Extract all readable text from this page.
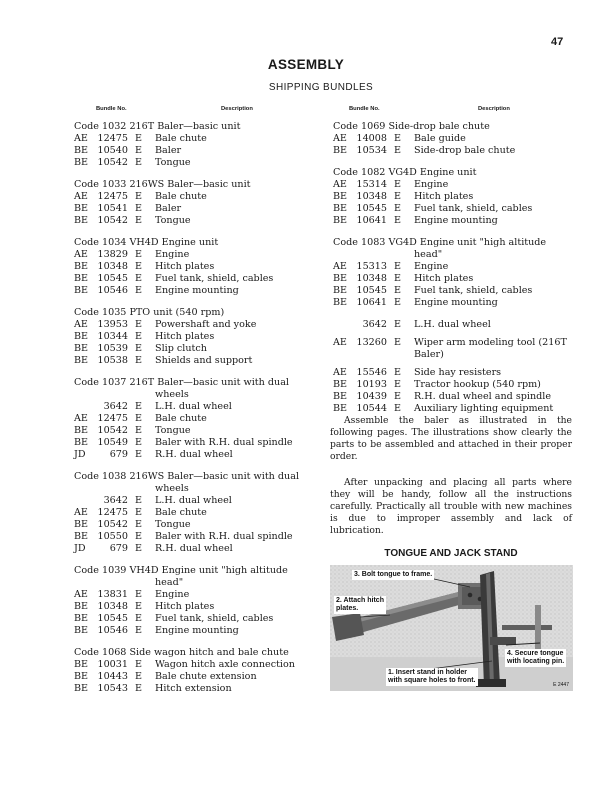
47
ASSEMBLY
SHIPPING BUNDLES
Bundle No.	Description	Bundle No.	Description
Code 1032 216T Baler—basic unit
AE 12475 E	Bale chute
BE 10540 E	Baler
BE 10542 E	Tongue
Code 1033 216WS Baler—basic unit
AE 12475 E	Bale chute
BE 10541 E	Baler
BE 10542 E	Tongue
Code 1034 VH4D Engine unit
AE 13829 E	Engine
BE 10348 E	Hitch plates
BE 10545 E	Fuel tank, shield, cables
BE 10546 E	Engine mounting
Code 1035 PTO unit (540 rpm)
AE 13953 E	Powershaft and yoke
BE 10344 E	Hitch plates
BE 10539 E	Slip clutch
BE 10538 E	Shields and support
Code 1037 216T Baler—basic unit with dual
wheels
3642 E	L.H. dual wheel
AE 12475 E	Bale chute
BE 10542 E	Tongue
BE 10549 E	Baler with R.H. dual spindle
JD	679 E	R.H. dual wheel
Code 1038 216WS Baler—basic unit with dual
wheels
3642 E	L.H. dual wheel
AE 12475 E	Bale chute
BE 10542 E	Tongue
BE 10550 E	Baler with R.H. dual spindle
JD	679 E	R.H. dual wheel
Code 1039 VH4D Engine unit "high altitude
head"
AE 13831 E	Engine
BE 10348 E	Hitch plates
BE 10545 E	Fuel tank, shield, cables
BE 10546 E	Engine mounting
Code 1068 Side wagon hitch and bale chute
BE 10031 E	Wagon hitch axle connection
BE 10443 E	Bale chute extension
BE 10543 E	Hitch extension
Code 1069 Side-drop bale chute
AE 14008 E	Bale guide
BE 10534 E	Side-drop bale chute
Code 1082 VG4D Engine unit
AE 15314 E	Engine
BE 10348 E	Hitch plates
BE 10545 E	Fuel tank, shield, cables
BE 10641 E	Engine mounting
Code 1083 VG4D Engine unit "high altitude
head"
AE 15313 E	Engine
BE 10348 E	Hitch plates
BE 10545 E	Fuel tank, shield, cables
BE 10641 E	Engine mounting
3642 E	L.H. dual wheel
AE 13260 E	Wiper arm modeling tool (216T
Baler)
AE 15546 E	Side hay resisters
BE 10193 E	Tractor hookup (540 rpm)
BE 10439 E	R.H. dual wheel and spindle
BE 10544 E	Auxiliary lighting equipment
Assemble the baler as illustrated in the following pages. The illustrations show clearly the parts to be assembled and attached in their proper order.
After unpacking and placing all parts where they will be handy, follow all the instructions carefully. Practically all trouble with new machines is due to improper assembly and lack of lubrication.
TONGUE AND JACK STAND
3. Bolt tongue to frame.
2. Attach hitch
plates.
4. Secure tongue
with locating pin.
1. Insert stand in holder
with square holes to front.
E 2447
